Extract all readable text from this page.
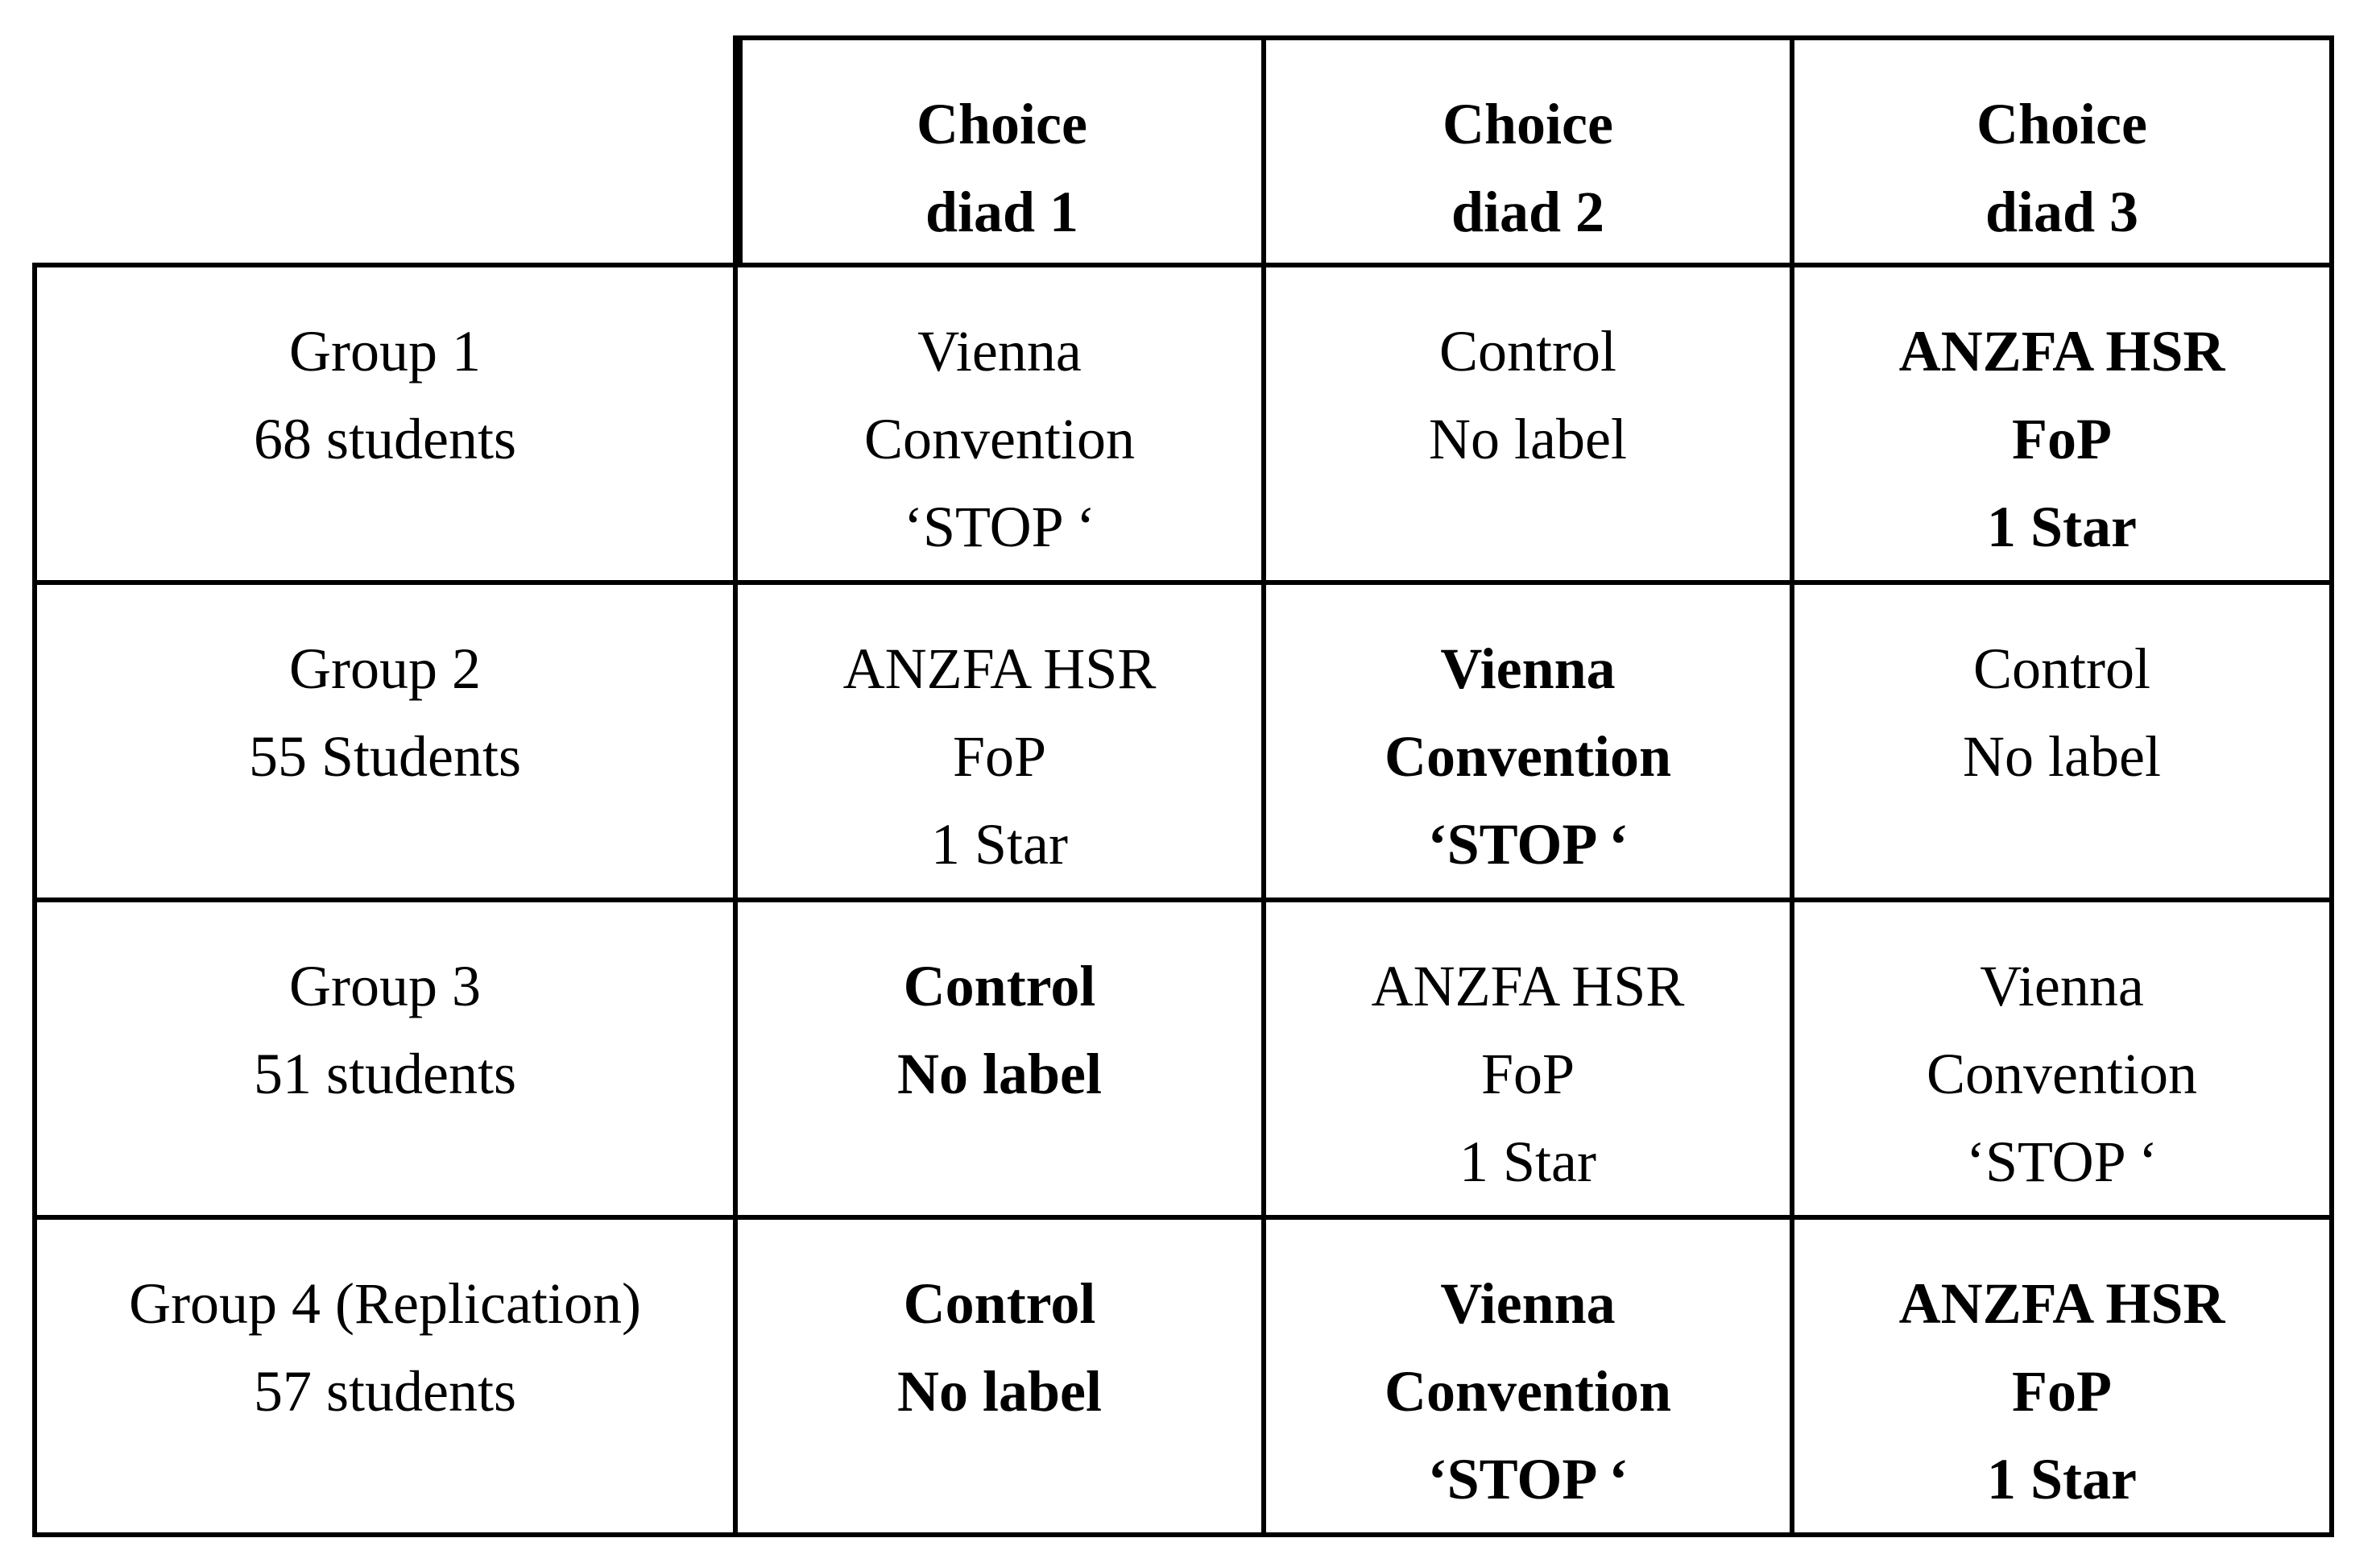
Choice
diad 1
Choice
diad 2
Choice
diad 3
Group 1
68 students
Vienna
Convention
‘STOP ‘
Control
No label
ANZFA HSR
FoP
1 Star
Group 2
55 Students
ANZFA HSR
FoP
1 Star
Vienna
Convention
‘STOP ‘
Control
No label
Group 3
51 students
Control
No label
ANZFA HSR
FoP
1 Star
Vienna
Convention
‘STOP ‘
Group 4 (Replication)
57 students
Control
No label
Vienna
Convention
‘STOP ‘
ANZFA HSR
FoP
1 Star
